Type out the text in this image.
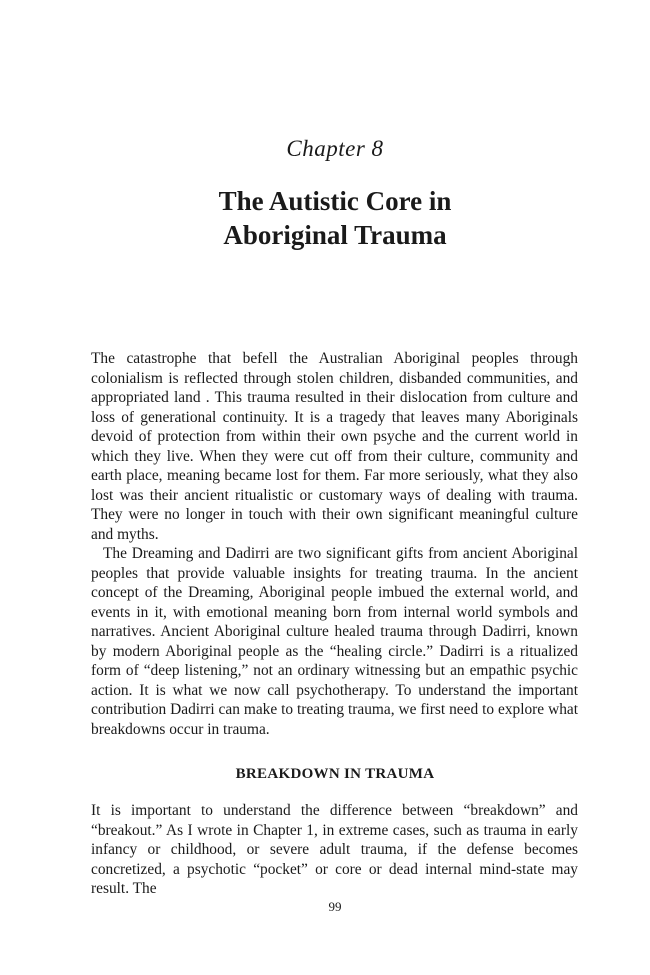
Chapter 8
The Autistic Core in
Aboriginal Trauma

The catastrophe that befell the Australian Aboriginal peoples through colonialism is reflected through stolen children, disbanded communities, and appropriated land . This trauma resulted in their dislocation from culture and loss of generational continuity. It is a tragedy that leaves many Aboriginals devoid of protection from within their own psyche and the current world in which they live. When they were cut off from their culture, community and earth place, meaning became lost for them. Far more seriously, what they also lost was their ancient ritualistic or customary ways of dealing with trauma. They were no longer in touch with their own significant meaningful culture and myths.

The Dreaming and Dadirri are two significant gifts from ancient Aboriginal peoples that provide valuable insights for treating trauma. In the ancient concept of the Dreaming, Aboriginal people imbued the external world, and events in it, with emotional meaning born from internal world symbols and narratives. Ancient Aboriginal culture healed trauma through Dadirri, known by modern Aboriginal people as the “healing circle.” Dadirri is a ritualized form of “deep listening,” not an ordinary witnessing but an empathic psychic action. It is what we now call psychotherapy. To understand the important contribution Dadirri can make to treating trauma, we first need to explore what breakdowns occur in trauma.

BREAKDOWN IN TRAUMA

It is important to understand the difference between “breakdown” and “breakout.” As I wrote in Chapter 1, in extreme cases, such as trauma in early infancy or childhood, or severe adult trauma, if the defense becomes concretized, a psychotic “pocket” or core or dead internal mind-state may result. The

99
